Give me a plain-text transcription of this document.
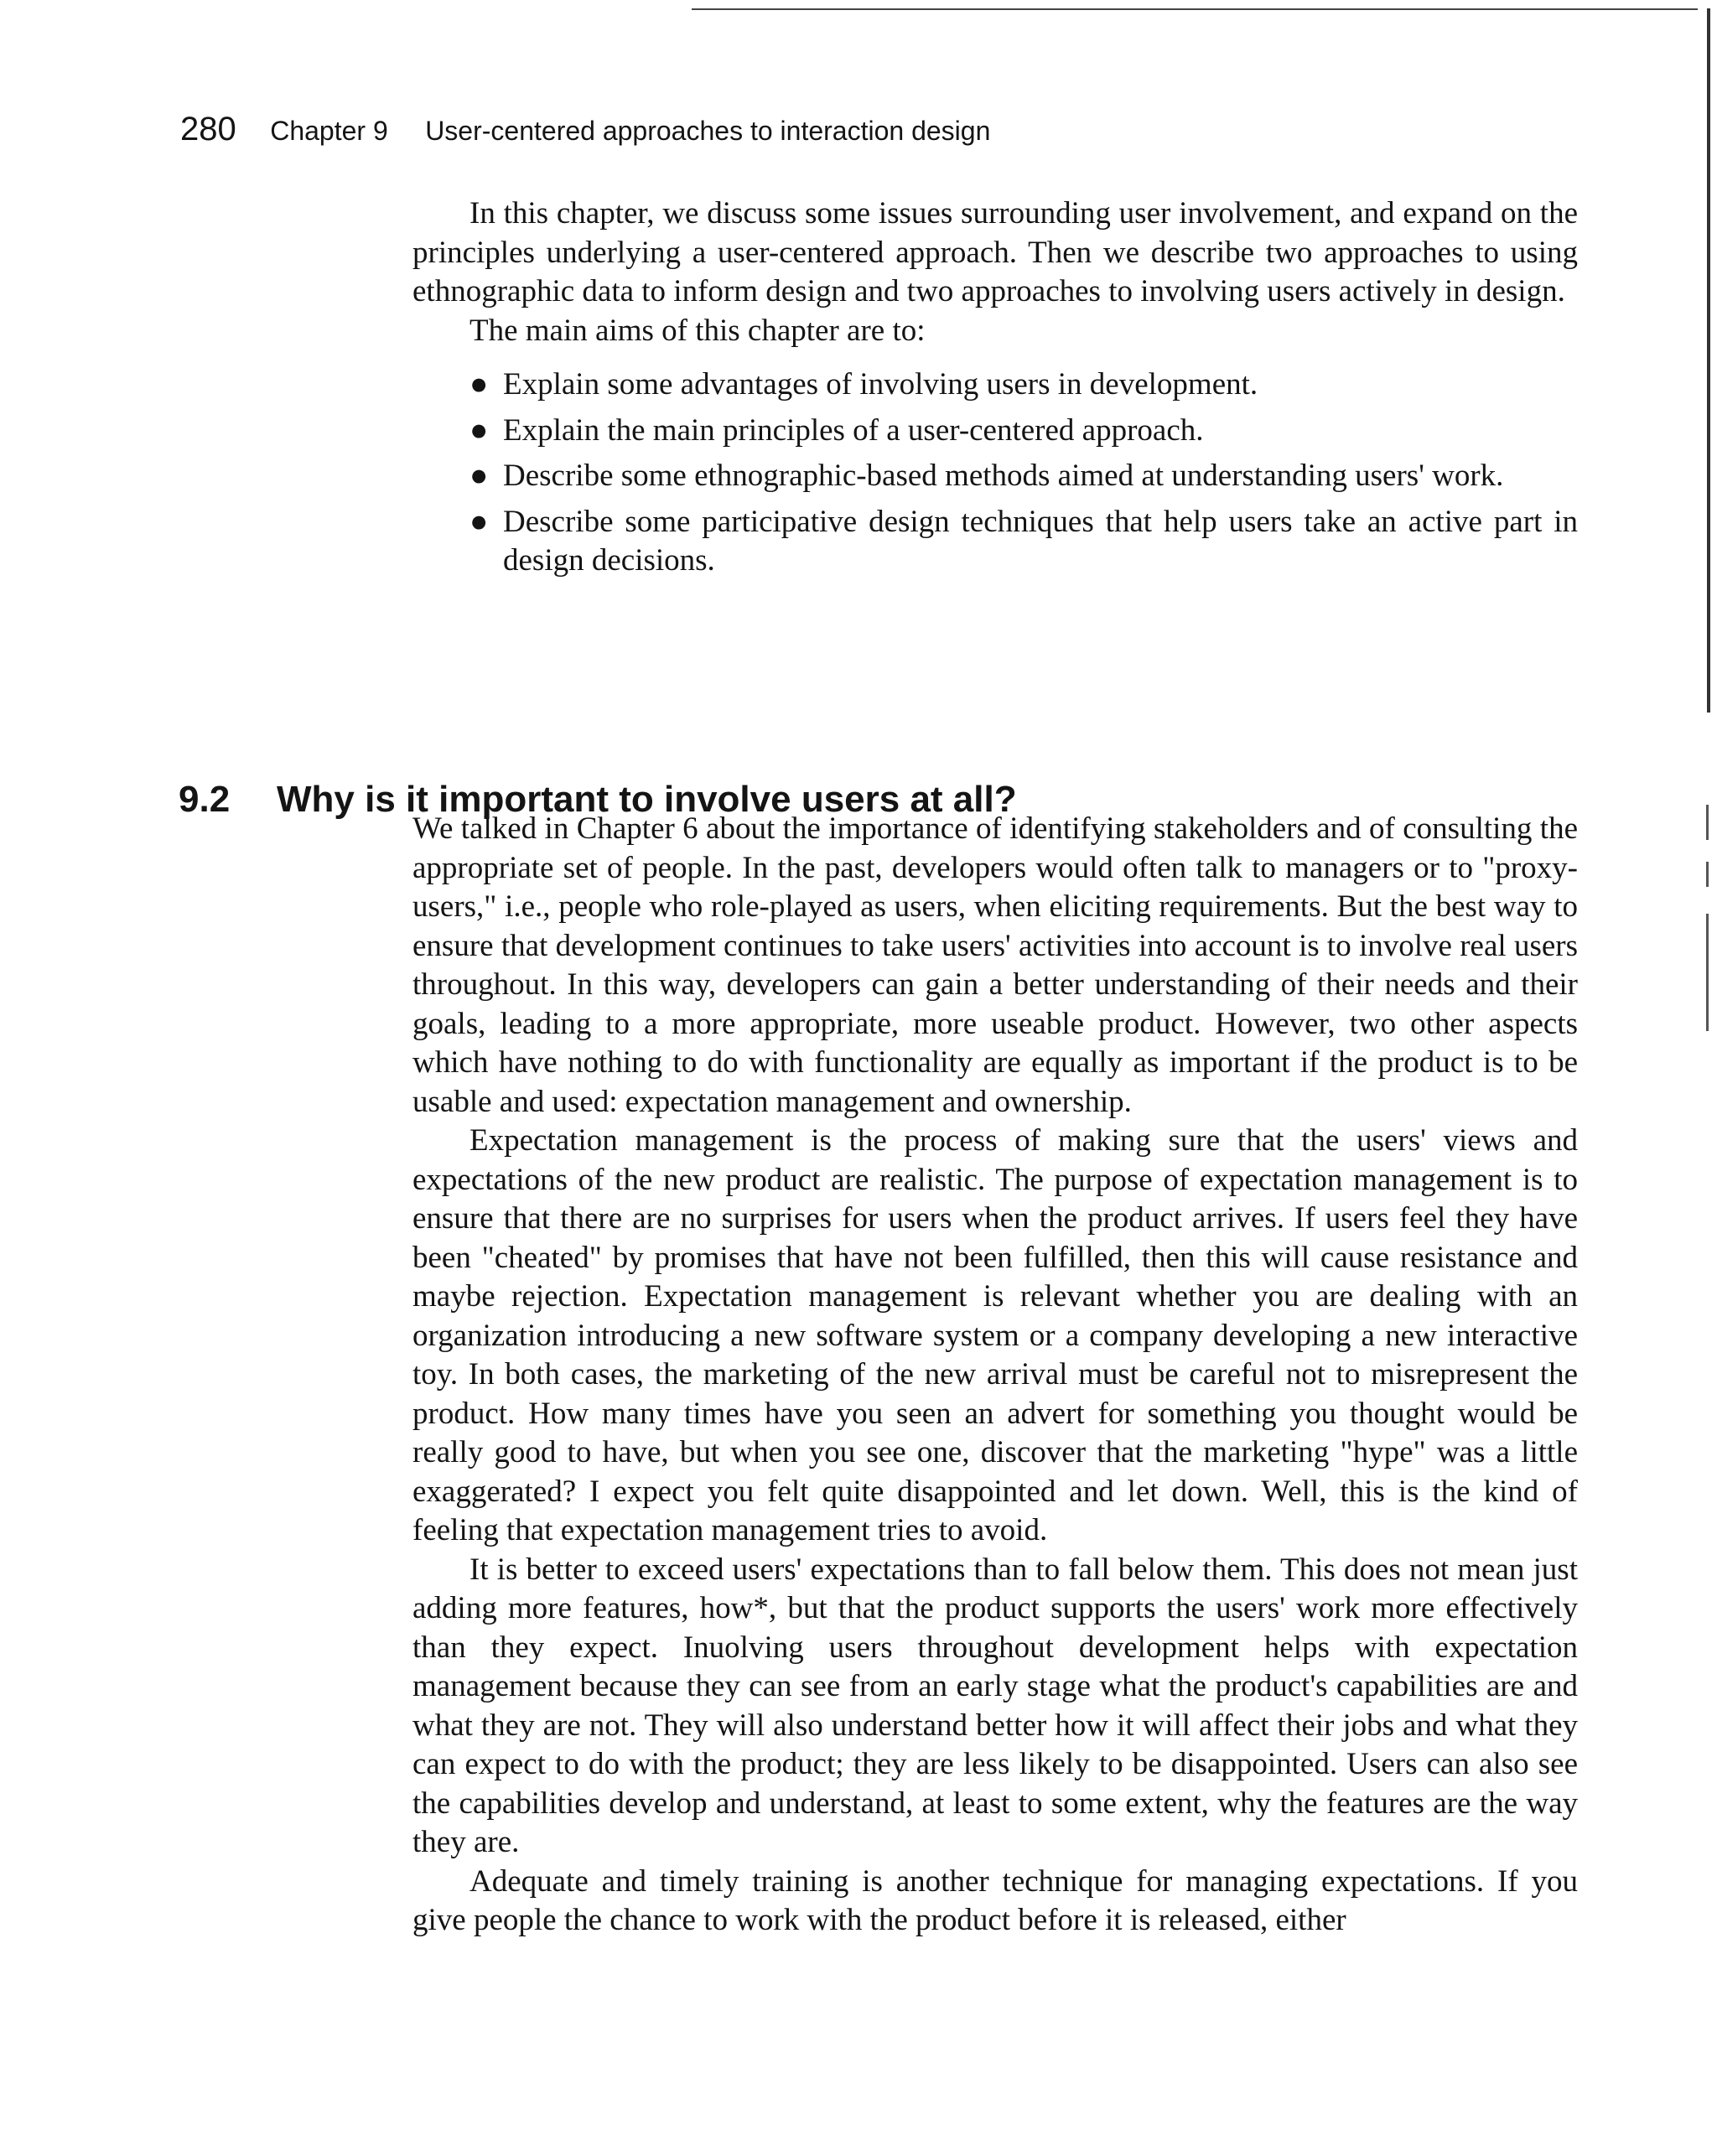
280 Chapter 9 User-centered approaches to interaction design

In this chapter, we discuss some issues surrounding user involvement, and expand on the principles underlying a user-centered approach. Then we describe two approaches to using ethnographic data to inform design and two approaches to involving users actively in design.

The main aims of this chapter are to:

● Explain some advantages of involving users in development.
● Explain the main principles of a user-centered approach.
● Describe some ethnographic-based methods aimed at understanding users' work.
● Describe some participative design techniques that help users take an active part in design decisions.
9.2 Why is it important to involve users at all?

We talked in Chapter 6 about the importance of identifying stakeholders and of consulting the appropriate set of people. In the past, developers would often talk to managers or to "proxy-users," i.e., people who role-played as users, when eliciting requirements. But the best way to ensure that development continues to take users' activities into account is to involve real users throughout. In this way, developers can gain a better understanding of their needs and their goals, leading to a more appropriate, more useable product. However, two other aspects which have nothing to do with functionality are equally as important if the product is to be usable and used: expectation management and ownership.

Expectation management is the process of making sure that the users' views and expectations of the new product are realistic. The purpose of expectation management is to ensure that there are no surprises for users when the product arrives. If users feel they have been "cheated" by promises that have not been fulfilled, then this will cause resistance and maybe rejection. Expectation management is relevant whether you are dealing with an organization introducing a new software system or a company developing a new interactive toy. In both cases, the marketing of the new arrival must be careful not to misrepresent the product. How many times have you seen an advert for something you thought would be really good to have, but when you see one, discover that the marketing "hype" was a little exaggerated? I expect you felt quite disappointed and let down. Well, this is the kind of feeling that expectation management tries to avoid.

It is better to exceed users' expectations than to fall below them. This does not mean just adding more features, how*, but that the product supports the users' work more effectively than they expect. Inuolving users throughout development helps with expectation management because they can see from an early stage what the product's capabilities are and what they are not. They will also understand better how it will affect their jobs and what they can expect to do with the product; they are less likely to be disappointed. Users can also see the capabilities develop and understand, at least to some extent, why the features are the way they are.

Adequate and timely training is another technique for managing expectations. If you give people the chance to work with the product before it is released, either
